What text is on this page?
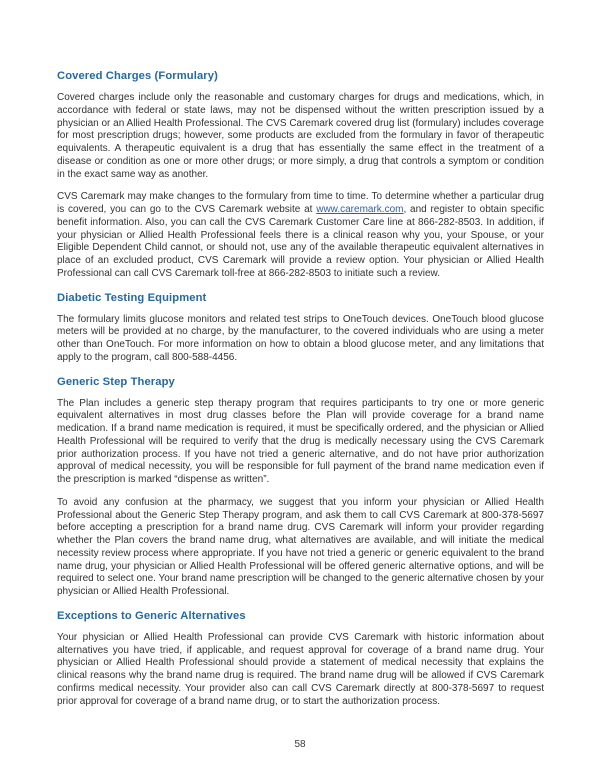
Covered Charges (Formulary)

Covered charges include only the reasonable and customary charges for drugs and medications, which, in accordance with federal or state laws, may not be dispensed without the written prescription issued by a physician or an Allied Health Professional. The CVS Caremark covered drug list (formulary) includes coverage for most prescription drugs; however, some products are excluded from the formulary in favor of therapeutic equivalents. A therapeutic equivalent is a drug that has essentially the same effect in the treatment of a disease or condition as one or more other drugs; or more simply, a drug that controls a symptom or condition in the exact same way as another.

CVS Caremark may make changes to the formulary from time to time. To determine whether a particular drug is covered, you can go to the CVS Caremark website at www.caremark.com, and register to obtain specific benefit information. Also, you can call the CVS Caremark Customer Care line at 866-282-8503. In addition, if your physician or Allied Health Professional feels there is a clinical reason why you, your Spouse, or your Eligible Dependent Child cannot, or should not, use any of the available therapeutic equivalent alternatives in place of an excluded product, CVS Caremark will provide a review option. Your physician or Allied Health Professional can call CVS Caremark toll-free at 866-282-8503 to initiate such a review.

Diabetic Testing Equipment

The formulary limits glucose monitors and related test strips to OneTouch devices. OneTouch blood glucose meters will be provided at no charge, by the manufacturer, to the covered individuals who are using a meter other than OneTouch. For more information on how to obtain a blood glucose meter, and any limitations that apply to the program, call 800-588-4456.

Generic Step Therapy

The Plan includes a generic step therapy program that requires participants to try one or more generic equivalent alternatives in most drug classes before the Plan will provide coverage for a brand name medication. If a brand name medication is required, it must be specifically ordered, and the physician or Allied Health Professional will be required to verify that the drug is medically necessary using the CVS Caremark prior authorization process. If you have not tried a generic alternative, and do not have prior authorization approval of medical necessity, you will be responsible for full payment of the brand name medication even if the prescription is marked “dispense as written”.

To avoid any confusion at the pharmacy, we suggest that you inform your physician or Allied Health Professional about the Generic Step Therapy program, and ask them to call CVS Caremark at 800-378-5697 before accepting a prescription for a brand name drug. CVS Caremark will inform your provider regarding whether the Plan covers the brand name drug, what alternatives are available, and will initiate the medical necessity review process where appropriate. If you have not tried a generic or generic equivalent to the brand name drug, your physician or Allied Health Professional will be offered generic alternative options, and will be required to select one. Your brand name prescription will be changed to the generic alternative chosen by your physician or Allied Health Professional.

Exceptions to Generic Alternatives

Your physician or Allied Health Professional can provide CVS Caremark with historic information about alternatives you have tried, if applicable, and request approval for coverage of a brand name drug. Your physician or Allied Health Professional should provide a statement of medical necessity that explains the clinical reasons why the brand name drug is required. The brand name drug will be allowed if CVS Caremark confirms medical necessity. Your provider also can call CVS Caremark directly at 800-378-5697 to request prior approval for coverage of a brand name drug, or to start the authorization process.

58
